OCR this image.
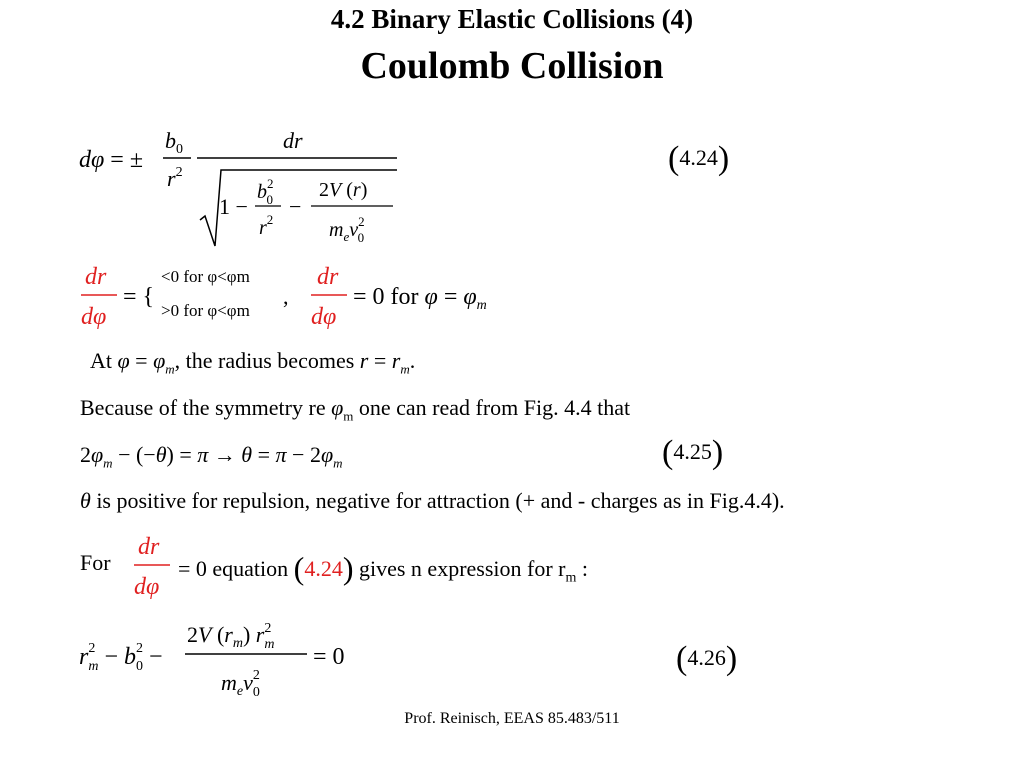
4.2 Binary Elastic Collisions (4)
Coulomb Collision
dφ = ±
$b_0$
$r^2$
dr
1 −
$b^2$ 0
$r^2$
−
2V (r)
$m_ev^2$ 0
(4.24)
dr
dφ
= {
<0 for φ<φm
>0 for φ<φm
,
dr
dφ
= 0 for $\varphi = \varphi_m$
At $\varphi = \varphi_m$, the radius becomes $r = r_m$.
Because of the symmetry re $\varphi_m$ one can read from Fig. 4.4 that
$2\varphi_m - (-\theta) = \pi \to \theta = \pi - 2\varphi_m$	(4.25)
θ is positive for repulsion, negative for attraction (+ and - charges as in Fig.4.4).
For
dr
dφ
= 0 equation (4.24) gives n expression for $r_m$ :
$r^2$ $m - b^2$ 0 −
2V $(r_m)$ $r^2$ m
$m_ev^2$ 0
= 0	(4.26)
Prof. Reinisch, EEAS 85.483/511
